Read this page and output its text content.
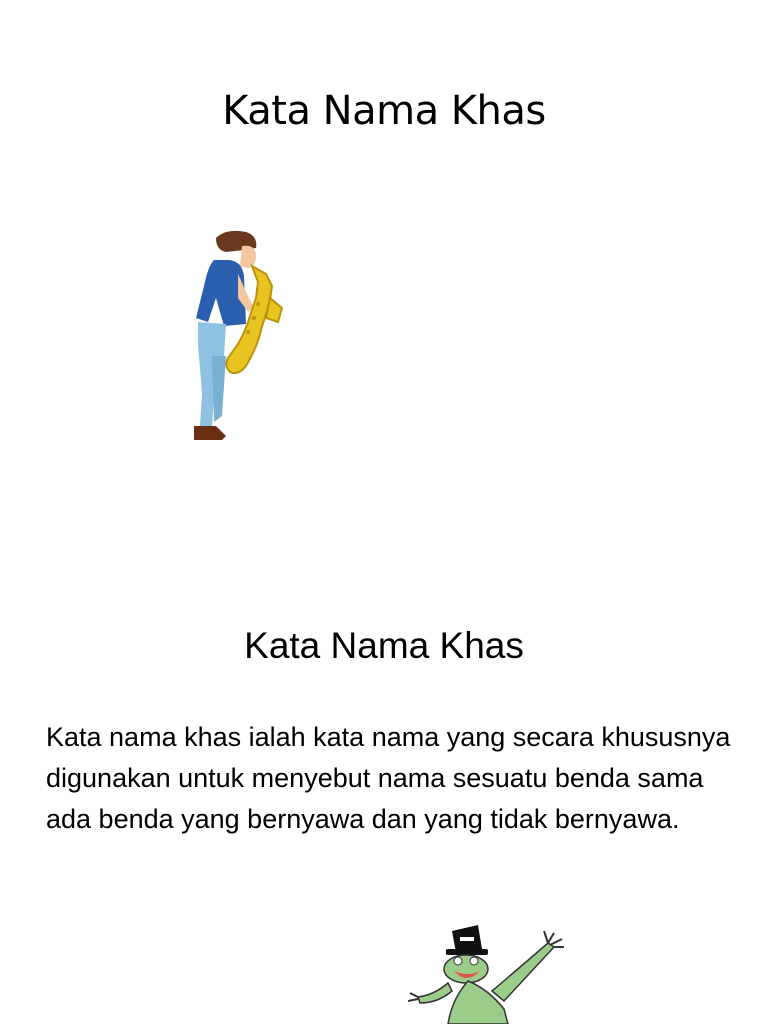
Kata Nama Khas
Kata Nama Khas

Kata nama khas ialah kata nama yang secara khususnya digunakan untuk menyebut nama sesuatu benda sama ada benda yang bernyawa dan yang tidak bernyawa.
